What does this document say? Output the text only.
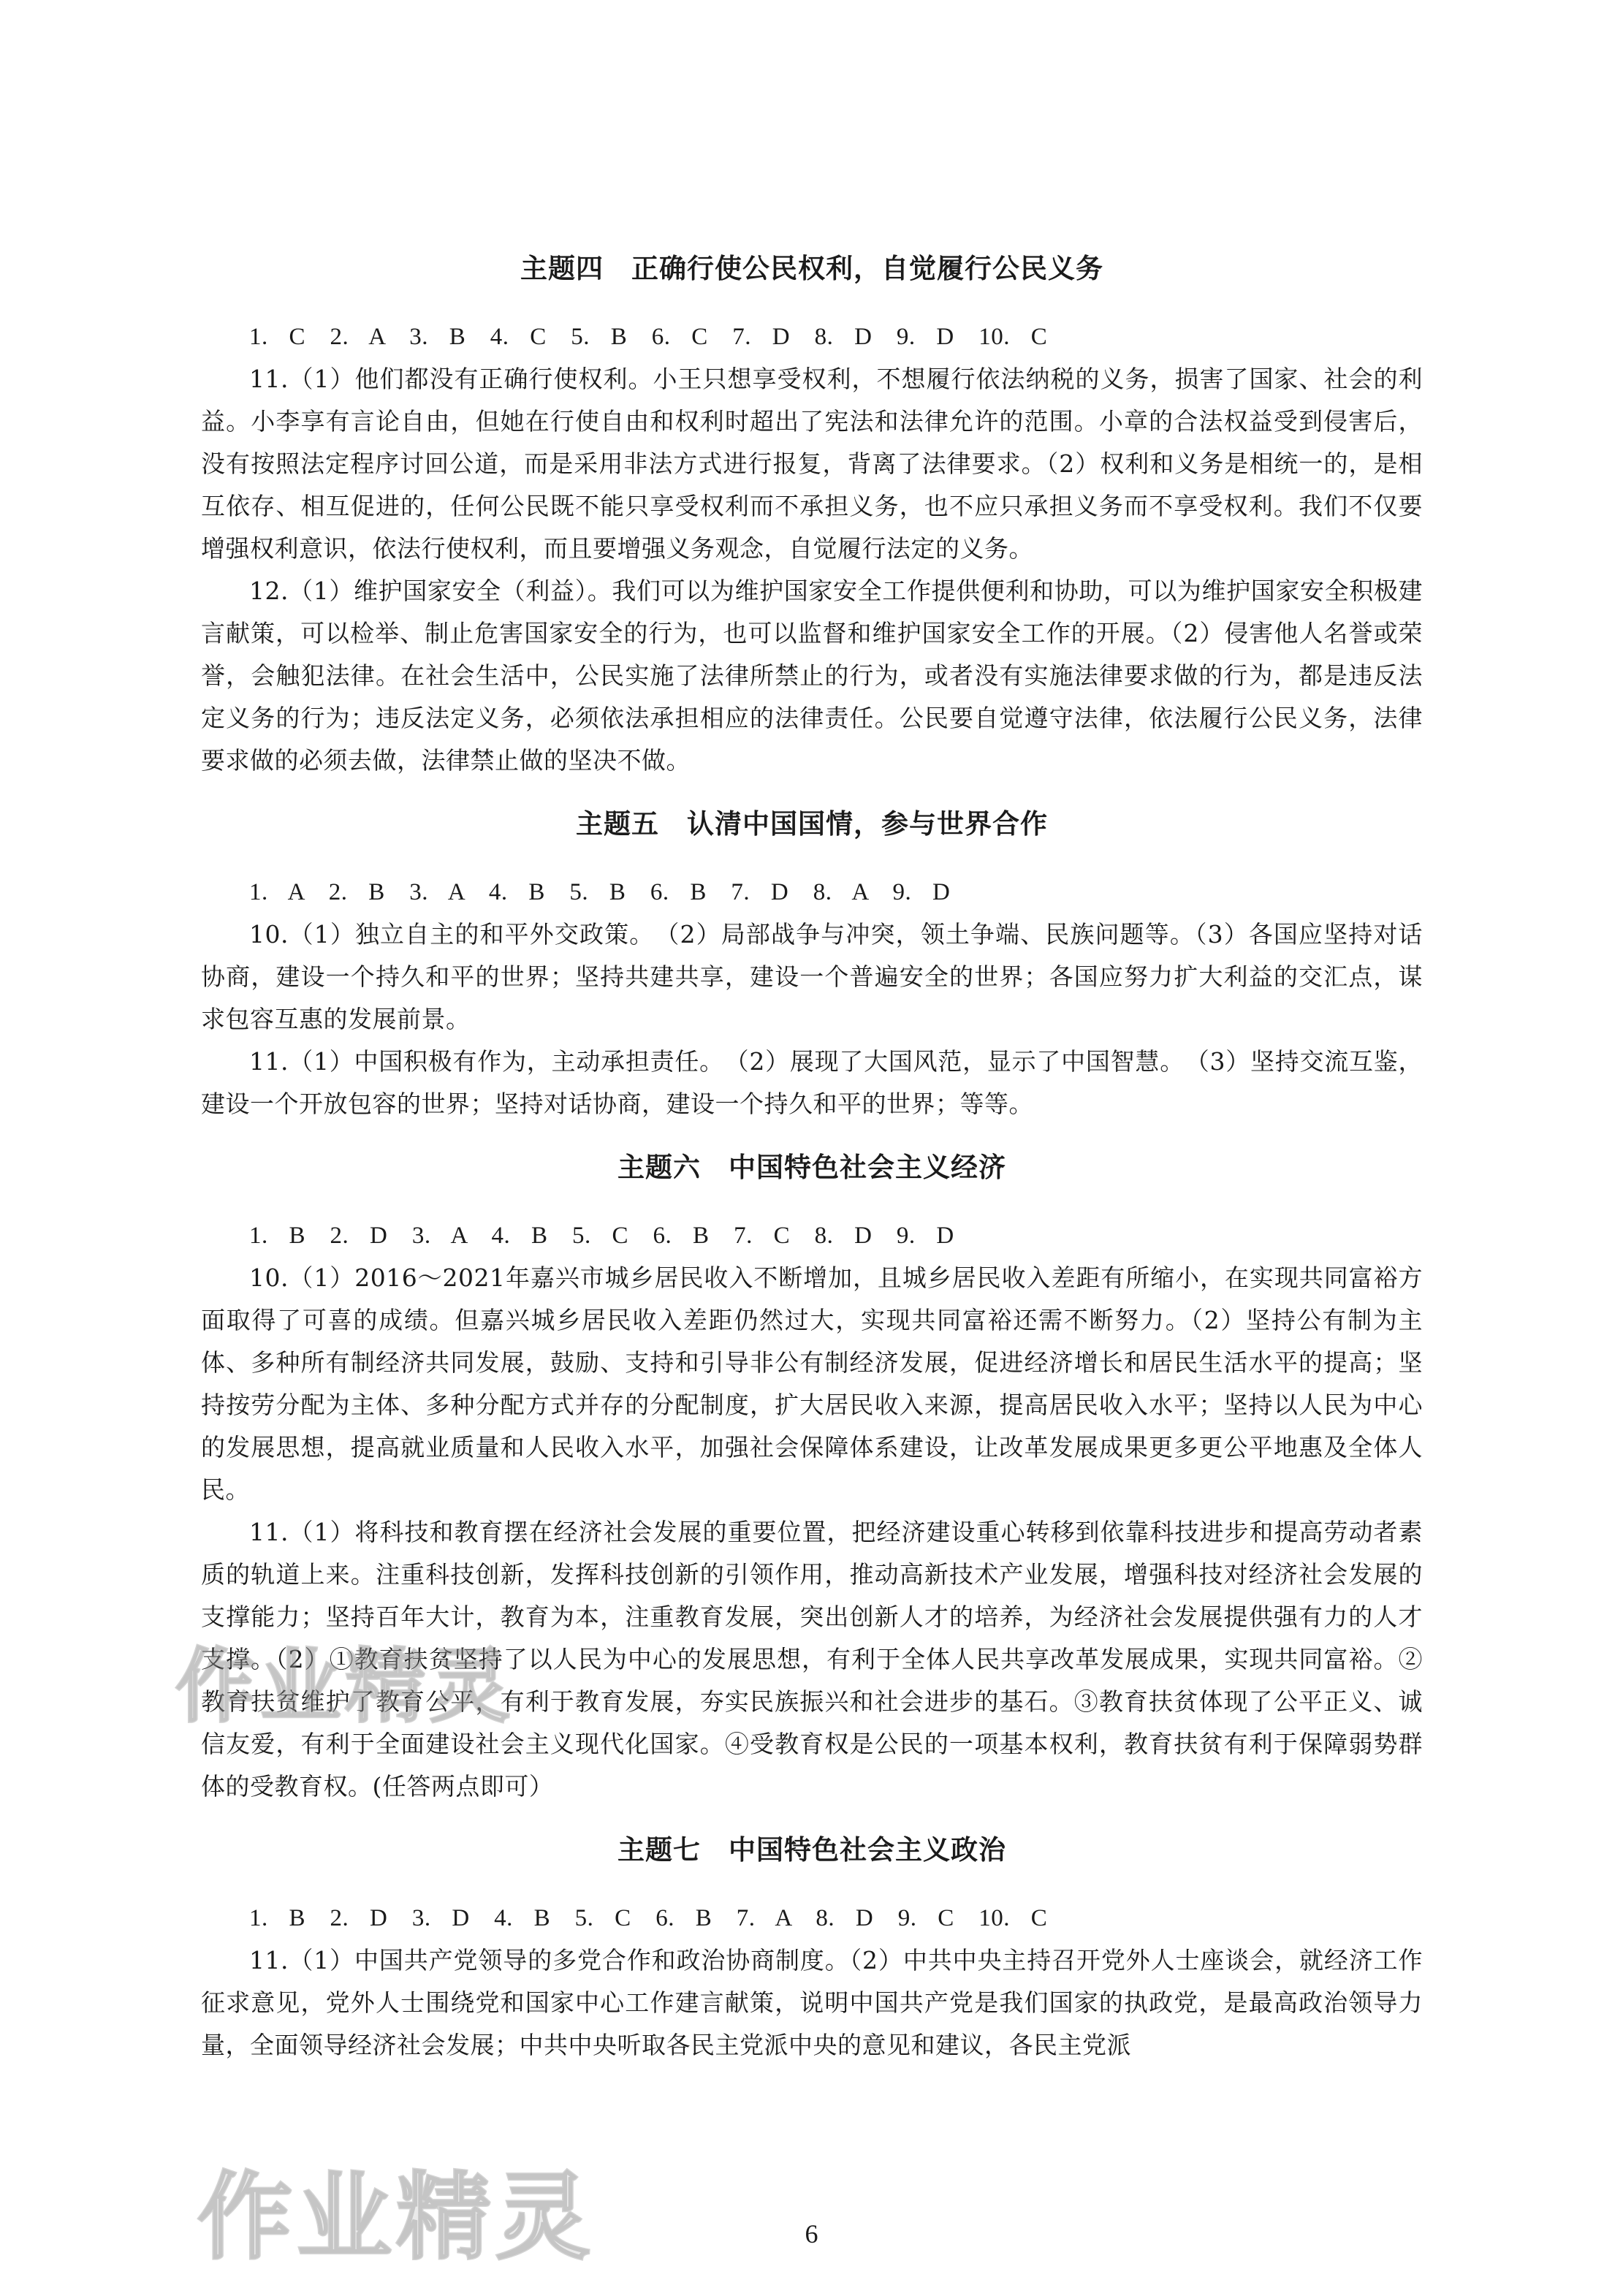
主题四　正确行使公民权利，自觉履行公民义务

1. C　2. A　3. B　4. C　5. B　6. C　7. D　8. D　9. D　10. C

11.（1）他们都没有正确行使权利。小王只想享受权利，不想履行依法纳税的义务，损害了国家、社会的利益。小李享有言论自由，但她在行使自由和权利时超出了宪法和法律允许的范围。小章的合法权益受到侵害后，没有按照法定程序讨回公道，而是采用非法方式进行报复，背离了法律要求。（2）权利和义务是相统一的，是相互依存、相互促进的，任何公民既不能只享受权利而不承担义务，也不应只承担义务而不享受权利。我们不仅要增强权利意识，依法行使权利，而且要增强义务观念，自觉履行法定的义务。

12.（1）维护国家安全（利益）。我们可以为维护国家安全工作提供便利和协助，可以为维护国家安全积极建言献策，可以检举、制止危害国家安全的行为，也可以监督和维护国家安全工作的开展。（2）侵害他人名誉或荣誉，会触犯法律。在社会生活中，公民实施了法律所禁止的行为，或者没有实施法律要求做的行为，都是违反法定义务的行为；违反法定义务，必须依法承担相应的法律责任。公民要自觉遵守法律，依法履行公民义务，法律要求做的必须去做，法律禁止做的坚决不做。

主题五　认清中国国情，参与世界合作

1. A　2. B　3. A　4. B　5. B　6. B　7. D　8. A　9. D

10.（1）独立自主的和平外交政策。　（2）局部战争与冲突，领土争端、民族问题等。（3）各国应坚持对话协商，建设一个持久和平的世界；坚持共建共享，建设一个普遍安全的世界；各国应努力扩大利益的交汇点，谋求包容互惠的发展前景。

11.（1）中国积极有作为，主动承担责任。　（2）展现了大国风范，显示了中国智慧。　（3）坚持交流互鉴，建设一个开放包容的世界；坚持对话协商，建设一个持久和平的世界；等等。

主题六　中国特色社会主义经济

1. B　2. D　3. A　4. B　5. C　6. B　7. C　8. D　9. D

10.（1）2016～2021年嘉兴市城乡居民收入不断增加，且城乡居民收入差距有所缩小，在实现共同富裕方面取得了可喜的成绩。但嘉兴城乡居民收入差距仍然过大，实现共同富裕还需不断努力。（2）坚持公有制为主体、多种所有制经济共同发展，鼓励、支持和引导非公有制经济发展，促进经济增长和居民生活水平的提高；坚持按劳分配为主体、多种分配方式并存的分配制度，扩大居民收入来源，提高居民收入水平；坚持以人民为中心的发展思想，提高就业质量和人民收入水平，加强社会保障体系建设，让改革发展成果更多更公平地惠及全体人民。

11.（1）将科技和教育摆在经济社会发展的重要位置，把经济建设重心转移到依靠科技进步和提高劳动者素质的轨道上来。注重科技创新，发挥科技创新的引领作用，推动高新技术产业发展，增强科技对经济社会发展的支撑能力；坚持百年大计，教育为本，注重教育发展，突出创新人才的培养，为经济社会发展提供强有力的人才支撑。（2）①教育扶贫坚持了以人民为中心的发展思想，有利于全体人民共享改革发展成果，实现共同富裕。②教育扶贫维护了教育公平，有利于教育发展，夯实民族振兴和社会进步的基石。③教育扶贫体现了公平正义、诚信友爱，有利于全面建设社会主义现代化国家。④受教育权是公民的一项基本权利，教育扶贫有利于保障弱势群体的受教育权。(任答两点即可）

主题七　中国特色社会主义政治

1. B　2. D　3. D　4. B　5. C　6. B　7. A　8. D　9. C　10. C

11.（1）中国共产党领导的多党合作和政治协商制度。（2）中共中央主持召开党外人士座谈会，就经济工作征求意见，党外人士围绕党和国家中心工作建言献策，说明中国共产党是我们国家的执政党，是最高政治领导力量，全面领导经济社会发展；中共中央听取各民主党派中央的意见和建议，各民主党派

作业精灵
作业精灵	6
